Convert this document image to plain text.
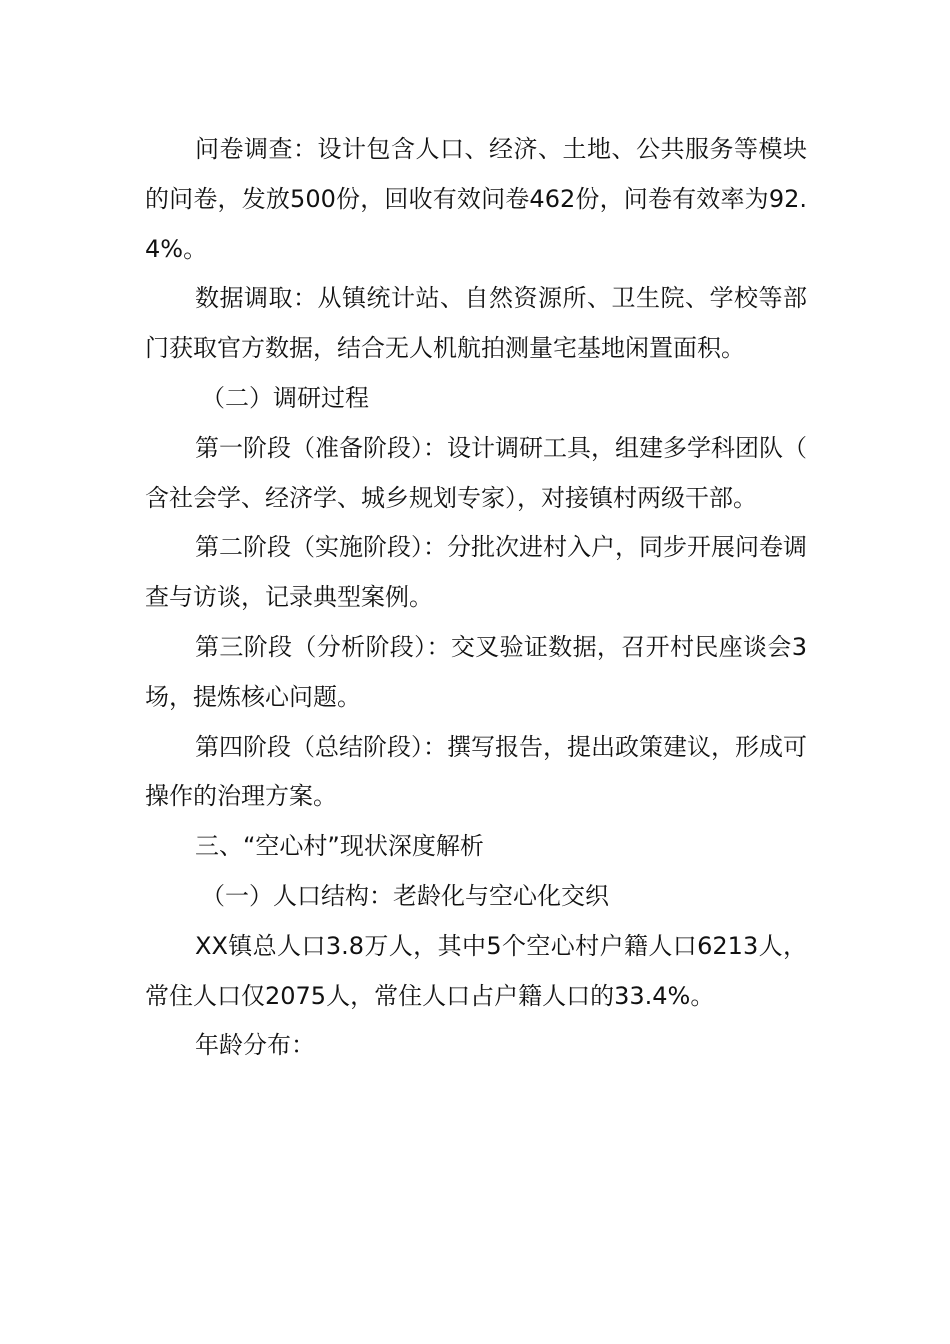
问卷调查：设计包含人口、经济、土地、公共服务等模块的问卷，发放500份，回收有效问卷462份，问卷有效率为92.4%。

数据调取：从镇统计站、自然资源所、卫生院、学校等部门获取官方数据，结合无人机航拍测量宅基地闲置面积。

（二）调研过程

第一阶段（准备阶段）：设计调研工具，组建多学科团队（含社会学、经济学、城乡规划专家），对接镇村两级干部。

第二阶段（实施阶段）：分批次进村入户，同步开展问卷调查与访谈，记录典型案例。

第三阶段（分析阶段）：交叉验证数据，召开村民座谈会3场，提炼核心问题。

第四阶段（总结阶段）：撰写报告，提出政策建议，形成可操作的治理方案。

三、“空心村”现状深度解析

（一）人口结构：老龄化与空心化交织

XX镇总人口3.8万人，其中5个空心村户籍人口6213人，常住人口仅2075人，常住人口占户籍人口的33.4%。

年龄分布：
